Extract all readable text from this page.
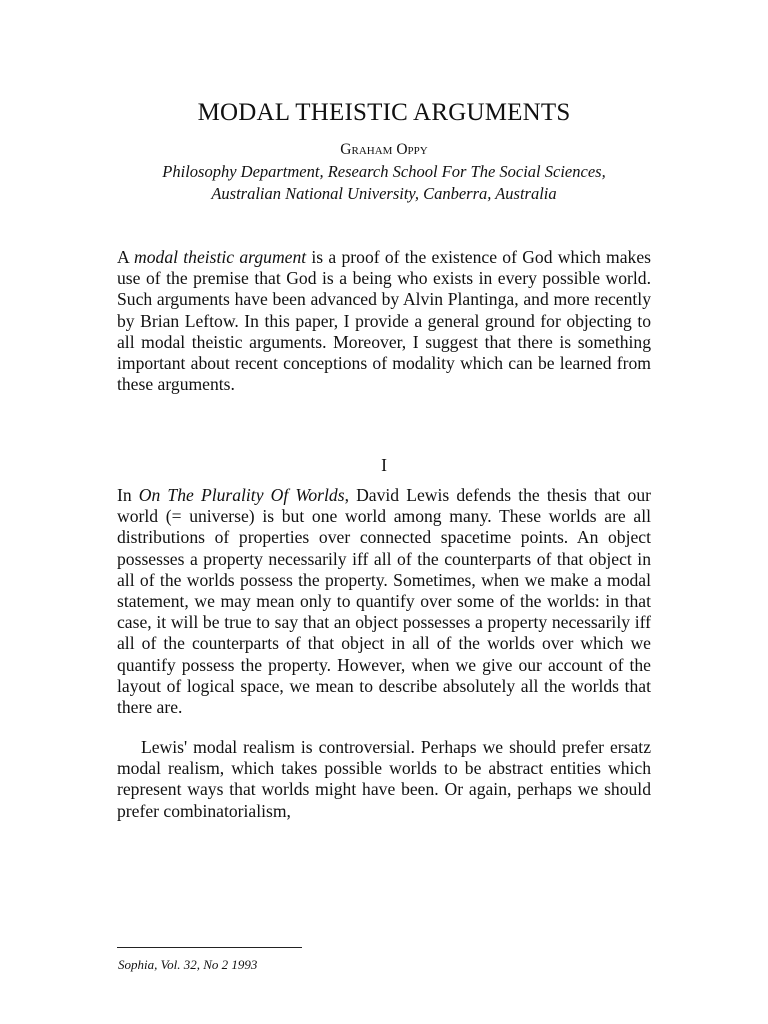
MODAL THEISTIC ARGUMENTS
Graham Oppy
Philosophy Department, Research School For The Social Sciences,
Australian National University, Canberra, Australia

A modal theistic argument is a proof of the existence of God which makes use of the premise that God is a being who exists in every possible world. Such arguments have been advanced by Alvin Plantinga, and more recently by Brian Leftow. In this paper, I provide a general ground for objecting to all modal theistic arguments. Moreover, I suggest that there is something important about recent conceptions of modality which can be learned from these arguments.

I

In On The Plurality Of Worlds, David Lewis defends the thesis that our world (= universe) is but one world among many. These worlds are all distributions of properties over connected spacetime points. An object possesses a property necessarily iff all of the counterparts of that object in all of the worlds possess the property. Sometimes, when we make a modal statement, we may mean only to quantify over some of the worlds: in that case, it will be true to say that an object possesses a property necessarily iff all of the counterparts of that object in all of the worlds over which we quantify possess the property. However, when we give our account of the layout of logical space, we mean to describe absolutely all the worlds that there are.

Lewis' modal realism is controversial. Perhaps we should prefer ersatz modal realism, which takes possible worlds to be abstract entities which represent ways that worlds might have been. Or again, perhaps we should prefer combinatorialism,

Sophia, Vol. 32, No 2 1993
